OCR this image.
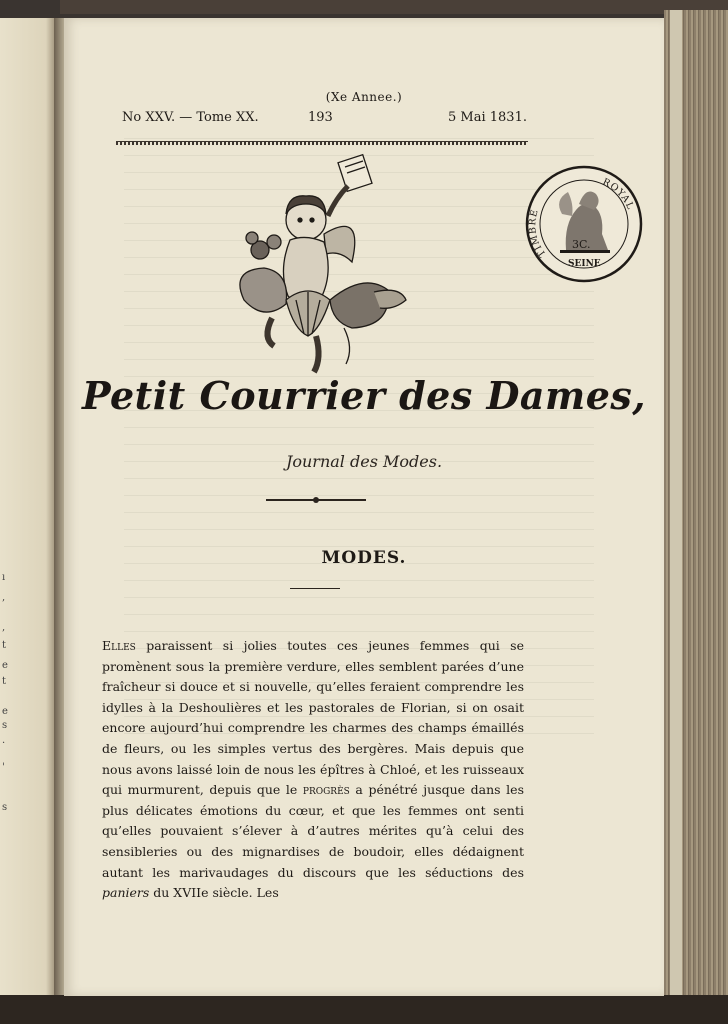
ı
,
,
t
e
t
e
s
·
'
s
(Xe Annee.)
No XXV. — Tome XX.	193	5 Mai 1831.
TIMBRE
ROYAL
3C.
SEINE
Petit Courrier des Dames,
Journal des Modes.
MODES.

Elles paraissent si jolies toutes ces jeunes femmes qui se promènent sous la première verdure, elles semblent parées d’une fraîcheur si douce et si nouvelle, qu’elles feraient comprendre les idylles à la Deshoulières et les pastorales de Florian, si on osait encore aujourd’hui comprendre les charmes des champs émaillés de fleurs, ou les simples vertus des bergères. Mais depuis que nous avons laissé loin de nous les épîtres à Chloé, et les ruisseaux qui murmurent, depuis que le progrès a pénétré jusque dans les plus délicates émotions du cœur, et que les femmes ont senti qu’elles pouvaient s’élever à d’autres mérites qu’à celui des sensibleries ou des mignardises de boudoir, elles dédaignent autant les marivaudages du discours que les séductions des paniers du XVIIe siècle. Les
